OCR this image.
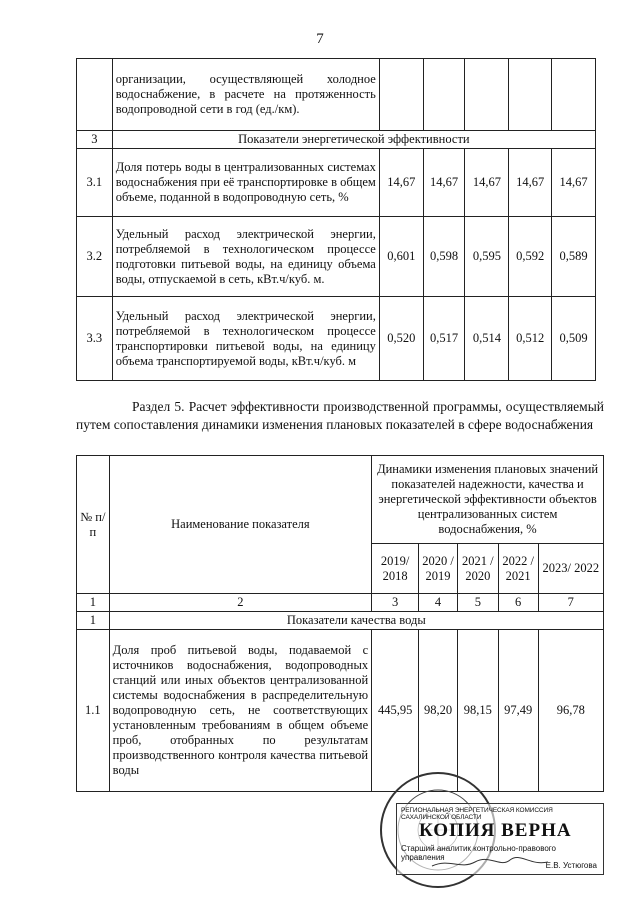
7
	организации, осуществляющей холодное водоснабжение, в расчете на протяженность водопроводной сети в год (ед./км).					
3	Показатели энергетической эффективности					
3.1	Доля потерь воды в централизованных системах водоснабжения при её транспортировке в общем объеме, поданной в водопроводную сеть, %	14,67	14,67	14,67	14,67	14,67
3.2	Удельный расход электрической энергии, потребляемой в технологическом процессе подготовки питьевой воды, на единицу объема воды, отпускаемой в сеть, кВт.ч/куб. м.	0,601	0,598	0,595	0,592	0,589
3.3	Удельный расход электрической энергии, потребляемой в технологическом процессе транспортировки питьевой воды, на единицу объема транспортируемой воды, кВт.ч/куб. м	0,520	0,517	0,514	0,512	0,509
Раздел 5. Расчет эффективности производственной программы, осуществляемый путем сопоставления динамики изменения плановых показателей в сфере водоснабжения
№ п/п	Наименование показателя	Динамики изменения плановых значений показателей надежности, качества и энергетической эффективности объектов централизованных систем водоснабжения, %				
		2019/ 2018	2020 / 2019	2021 / 2020	2022 / 2021	2023/ 2022
1	2	3	4	5	6	7
1	Показатели качества воды					
1.1	Доля проб питьевой воды, подаваемой с источников водоснабжения, водопроводных станций или иных объектов централизованной системы водоснабжения в распределительную водопроводную сеть, не соответствующих установленным требованиям в общем объеме проб, отобранных по результатам производственного контроля качества питьевой воды	445,95	98,20	98,15	97,49	96,78
РЕГИОНАЛЬНАЯ ЭНЕРГЕТИЧЕСКАЯ КОМИССИЯ САХАЛИНСКОЙ ОБЛАСТИ
КОПИЯ ВЕРНА
Старший аналитик контрольно-правового управления
Е.В. Устюгова
